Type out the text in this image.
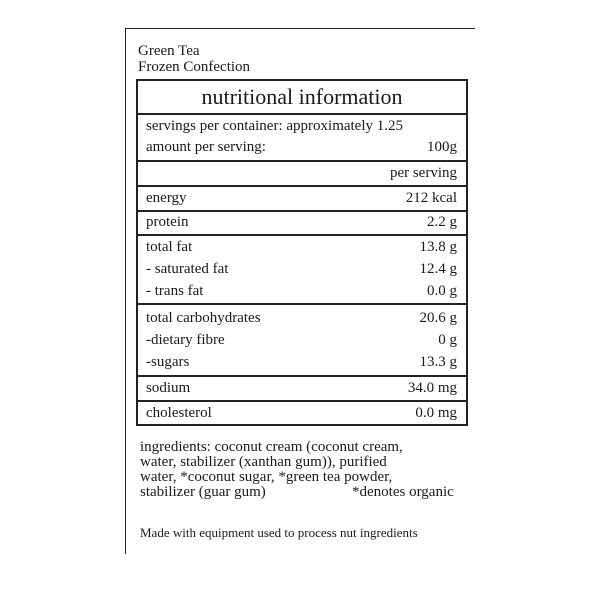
Green Tea
Frozen Confection
nutritional information
servings per container: approximately 1.25
amount per serving:	100g
per serving
energy	212 kcal
protein	2.2 g
total fat	13.8 g
- saturated fat	12.4 g
- trans fat	0.0 g
total carbohydrates	20.6 g
-dietary fibre	0 g
-sugars	13.3 g
sodium	34.0 mg
cholesterol	0.0 mg

ingredients: coconut cream (coconut cream,

water, stabilizer (xanthan gum)), purified

water, *coconut sugar, *green tea powder,

stabilizer (guar gum)	*denotes organic
Made with equipment used to process nut ingredients
